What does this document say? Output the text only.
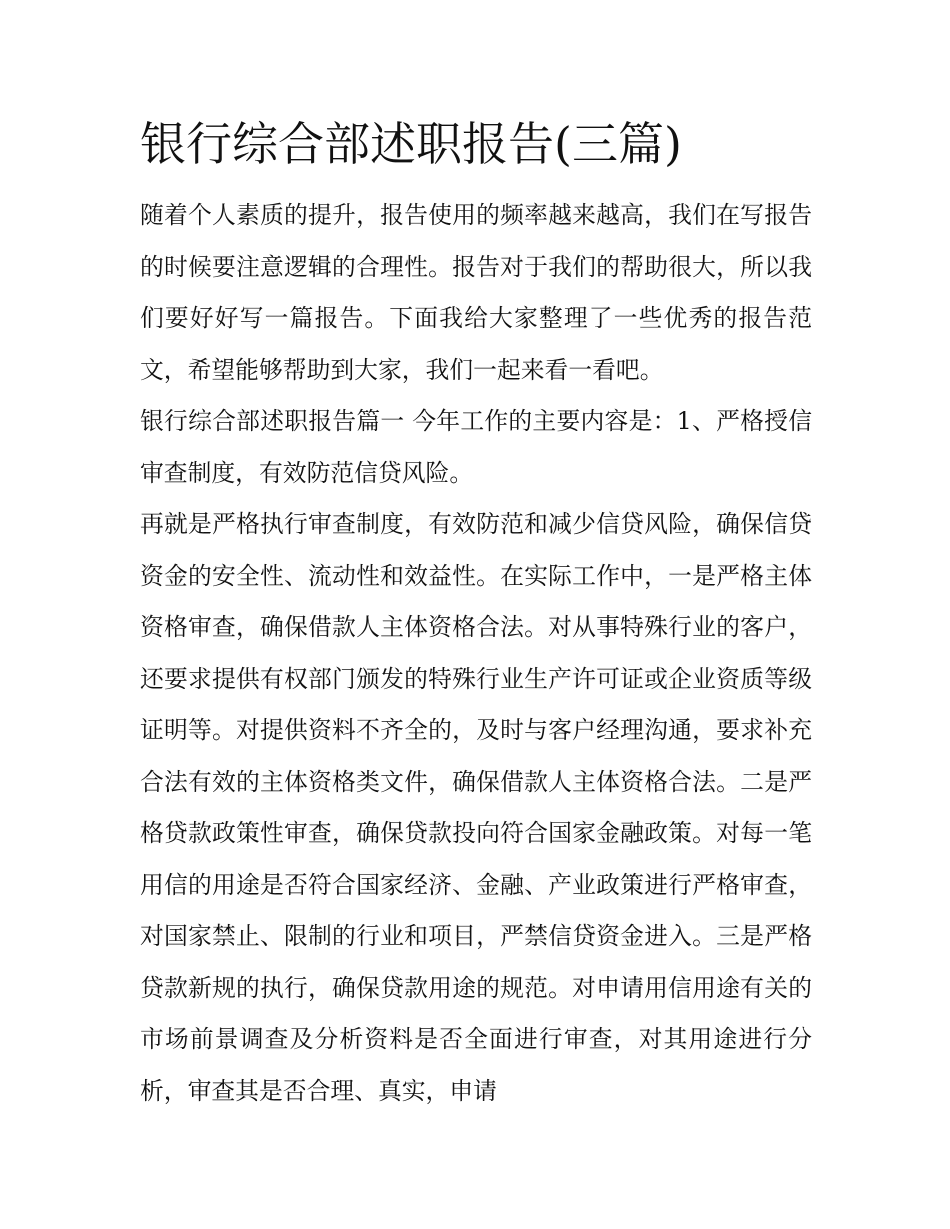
银行综合部述职报告(三篇)

随着个人素质的提升，报告使用的频率越来越高，我们在写报告的时候要注意逻辑的合理性。报告对于我们的帮助很大，所以我们要好好写一篇报告。下面我给大家整理了一些优秀的报告范文，希望能够帮助到大家，我们一起来看一看吧。

银行综合部述职报告篇一 今年工作的主要内容是：1、严格授信审查制度，有效防范信贷风险。

再就是严格执行审查制度，有效防范和减少信贷风险，确保信贷资金的安全性、流动性和效益性。在实际工作中，一是严格主体资格审查，确保借款人主体资格合法。对从事特殊行业的客户，还要求提供有权部门颁发的特殊行业生产许可证或企业资质等级证明等。对提供资料不齐全的，及时与客户经理沟通，要求补充合法有效的主体资格类文件，确保借款人主体资格合法。二是严格贷款政策性审查，确保贷款投向符合国家金融政策。对每一笔用信的用途是否符合国家经济、金融、产业政策进行严格审查，对国家禁止、限制的行业和项目，严禁信贷资金进入。三是严格贷款新规的执行，确保贷款用途的规范。对申请用信用途有关的市场前景调查及分析资料是否全面进行审查，对其用途进行分析，审查其是否合理、真实，申请
